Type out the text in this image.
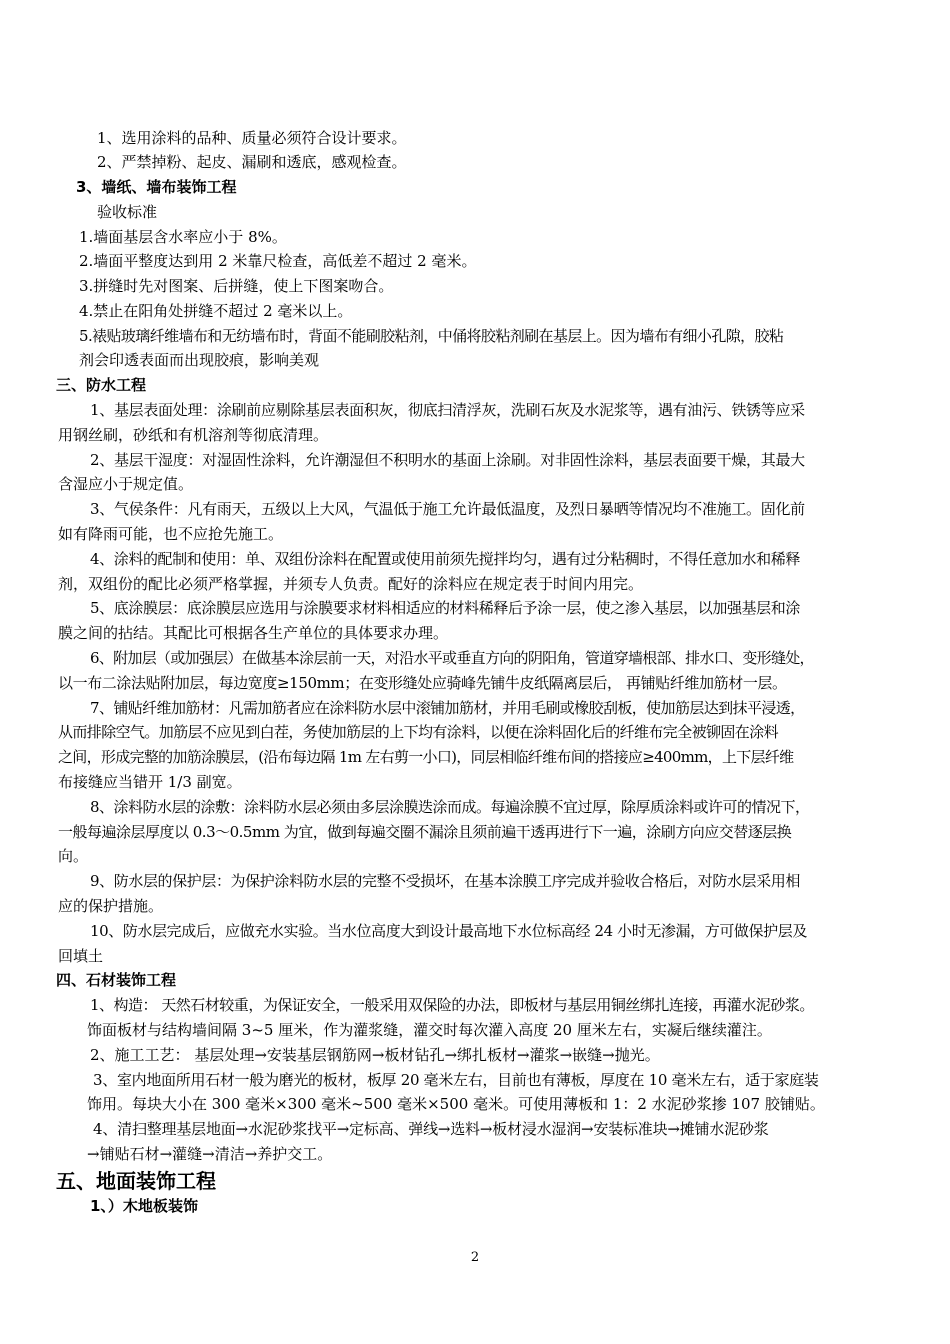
1、选用涂料的品种、质量必须符合设计要求。
2、严禁掉粉、起皮、漏刷和透底，感观检查。
3、墙纸、墙布装饰工程
验收标准
1.墙面基层含水率应小于 8%。
2.墙面平整度达到用 2 米靠尺检查，高低差不超过 2 毫米。
3.拼缝时先对图案、后拼缝，使上下图案吻合。
4.禁止在阳角处拼缝不超过 2 毫米以上。
5.裱贴玻璃纤维墙布和无纺墙布时，背面不能刷胶粘剂，中俑将胶粘剂刷在基层上。因为墙布有细小孔隙，胶粘
剂会印透表面而出现胶痕，影响美观
三、防水工程
1、基层表面处理：涂刷前应剔除基层表面积灰，彻底扫清浮灰，洗刷石灰及水泥浆等，遇有油污、铁锈等应采
用钢丝刷，砂纸和有机溶剂等彻底清理。
2、基层干湿度：对湿固性涂料，允许潮湿但不积明水的基面上涂刷。对非固性涂料，基层表面要干燥，其最大
含湿应小于规定值。
3、气侯条件：凡有雨天，五级以上大风，气温低于施工允许最低温度，及烈日暴晒等情况均不准施工。固化前
如有降雨可能，也不应抢先施工。
4、涂料的配制和使用：单、双组份涂料在配置或使用前须先搅拌均匀，遇有过分粘稠时，不得任意加水和稀释
剂，双组份的配比必须严格掌握，并须专人负责。配好的涂料应在规定表于时间内用完。
5、底涂膜层：底涂膜层应选用与涂膜要求材料相适应的材料稀释后予涂一层，使之渗入基层，以加强基层和涂
膜之间的拈结。其配比可根据各生产单位的具体要求办理。
6、附加层（或加强层）在做基本涂层前一天，对沿水平或垂直方向的阴阳角，管道穿墙根部、排水口、变形缝处，
以一布二涂法贴附加层，每边宽度≥150mm；在变形缝处应骑峰先铺牛皮纸隔离层后， 再铺贴纤维加筋材一层。
7、铺贴纤维加筋材：凡需加筋者应在涂料防水层中滚铺加筋材，并用毛刷或橡胶刮板，使加筋层达到抹平浸透，
从而排除空气。加筋层不应见到白茬，务使加筋层的上下均有涂料，以便在涂料固化后的纤维布完全被铆固在涂料
之间，形成完整的加筋涂膜层，(沿布每边隔 1m 左右剪一小口)，同层相临纤维布间的搭接应≥400mm，上下层纤维
布接缝应当错开 1/3 副宽。
8、涂料防水层的涂敷：涂料防水层必须由多层涂膜迭涂而成。每遍涂膜不宜过厚，除厚质涂料或许可的情况下，
一般每遍涂层厚度以 0.3～0.5mm 为宜，做到每遍交圈不漏涂且须前遍干透再进行下一遍，涂刷方向应交替逐层换
向。
9、防水层的保护层：为保护涂料防水层的完整不受损坏，在基本涂膜工序完成并验收合格后，对防水层采用相
应的保护措施。
10、防水层完成后，应做充水实验。当水位高度大到设计最高地下水位标高经 24 小时无渗漏，方可做保护层及
回填土
四、石材装饰工程
1、构造： 天然石材较重，为保证安全，一般采用双保险的办法，即板材与基层用铜丝绑扎连接，再灌水泥砂浆。
饰面板材与结构墙间隔 3~5 厘米，作为灌浆缝，灌交时每次灌入高度 20 厘米左右，实凝后继续灌注。
2、施工工艺： 基层处理→安装基层钢筋网→板材钻孔→绑扎板材→灌浆→嵌缝→抛光。
3、室内地面所用石材一般为磨光的板材，板厚 20 毫米左右，目前也有薄板，厚度在 10 毫米左右，适于家庭装
饰用。每块大小在 300 毫米×300 毫米~500 毫米×500 毫米。可使用薄板和 1：2 水泥砂浆掺 107 胶铺贴。
4、清扫整理基层地面→水泥砂浆找平→定标高、弹线→选料→板材浸水湿润→安装标准块→摊铺水泥砂浆
→铺贴石材→灌缝→清洁→养护交工。
五、地面装饰工程
1、）木地板装饰
2
